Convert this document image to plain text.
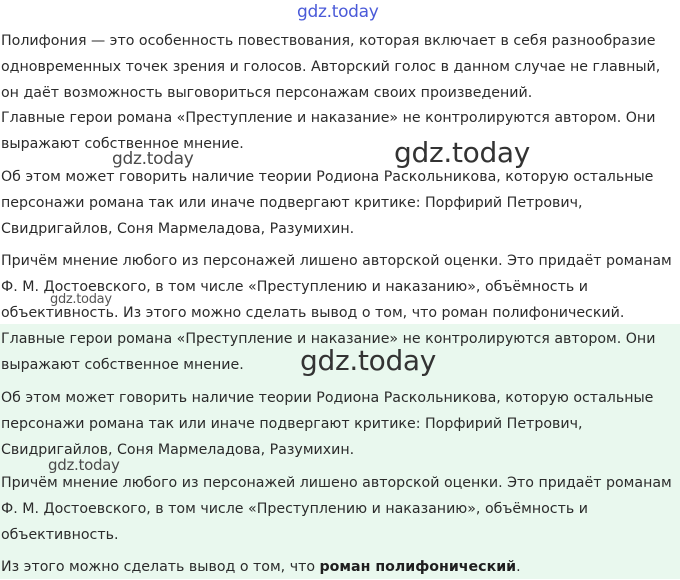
Полифония — это особенность повествования, которая включает в себя разнообразие

одновременных точек зрения и голосов. Авторский голос в данном случае не главный,

он даёт возможность выговориться персонажам своих произведений.

Главные герои романа «Преступление и наказание» не контролируются автором. Они

выражают собственное мнение.

Об этом может говорить наличие теории Родиона Раскольникова, которую остальные

персонажи романа так или иначе подвергают критике: Порфирий Петрович,

Свидригайлов, Соня Мармеладова, Разумихин.

Причём мнение любого из персонажей лишено авторской оценки. Это придаёт романам

Ф. М. Достоевского, в том числе «Преступлению и наказанию», объёмность и

объективность. Из этого можно сделать вывод о том, что роман полифонический.

Главные герои романа «Преступление и наказание» не контролируются автором. Они

выражают собственное мнение.

Об этом может говорить наличие теории Родиона Раскольникова, которую остальные

персонажи романа так или иначе подвергают критике: Порфирий Петрович,

Свидригайлов, Соня Мармеладова, Разумихин.

Причём мнение любого из персонажей лишено авторской оценки. Это придаёт романам

Ф. М. Достоевского, в том числе «Преступлению и наказанию», объёмность и

объективность.

Из этого можно сделать вывод о том, что роман полифонический.

gdz.today
gdz.today	gdz.today
gdz.today
gdz.today
gdz.today
